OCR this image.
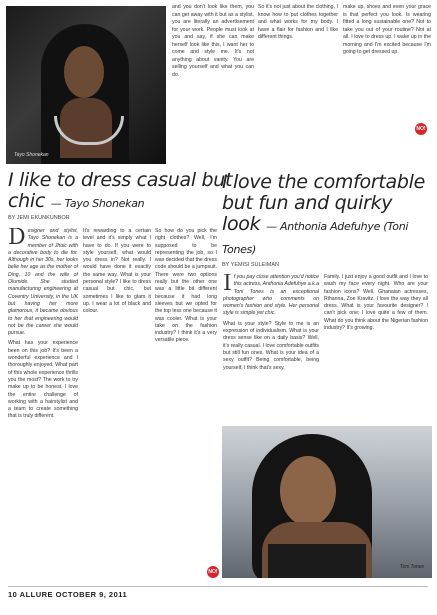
Tayo Shonekan
and you don't look like them, you can get away with it but as a stylist, you are literally an advertisement for your work. People must look at you and say, if she can make herself look like this, I want her to come and style me. It's not anything about vanity. You are selling yourself and what you can do.
So it's not just about the clothing, I know how to put clothes together and what works for my body. I have a flair for fashion and I like different things.
make up, shoes and even your grace is that perfect you look. Is wearing fitted a long sustainable one? Not to take you out of your routine? Not at all. I love to dress up. I wake up in the morning and I'm excited because I'm going to get dressed up.
NO!
I like to dress casual but chic — Tayo Shonekan
BY JEMI EKUNKUNBOR
Designer and stylist, Tayo Shonekan is a member of Jhoic with a decorative body to die for. Although in her 30s, her looks belie her age as the mother of Ding, 10 and the wife of Olumide. She studied manufacturing engineering at Coventry University, in the UK but having her more glamorous, it became obvious to her that engineering would not be the career she would pursue.

What has your experience been on this job? It's been a wonderful experience and I thoroughly enjoyed. What part of this whole experience thrills you the most? The work to try make up to be honest. I love the entire challenge of working with a hairstylist and a team to create something that is truly different.

It's rewarding to a certain level and it's simply what I have to do. If you were to style yourself, what would you dress in? Not really. I would have done it exactly the same way. What is your personal style? I like to dress casual but chic, but sometimes I like to glam it up. I wear a lot of black and colour.

So how do you pick the right clothes? Well, I'm supposed to be representing the job, so I was decided that the dress code should be a jumpsuit. There were two options really but the other one was a little bit different because it had long sleeves but we opted for the top less one because it was cooler. What is your take on the fashion industry? I think it's a very versatile piece.

I love the comfortable but fun and quirky look — Anthonia Adefuhye (Toni Tones)
BY YEMISI SULEIMAN
If you pay close attention you'd notice this actress, Anthonia Adefuhye a.k.a Toni Tones is an exceptional photographer who comments on women's fashion and style. Her personal style is simple yet chic.

What is your style? Style to me is an expression of individualism. What is your dress sense like on a daily basis? Well, it's really casual. I love comfortable outfits but still fun ones. What is your idea of a sexy outfit? Being comfortable, being yourself, I think that's sexy.

Family. I just enjoy a good outfit and I love to wash my face every night. Who are your fashion icons? Well, Ghanaian actresses, Rihanna, Zoe Kravitz. I love the way they all dress. What is your favourite designer? I can't pick one; I love quite a few of them. What do you think about the Nigerian fashion industry? It's growing.

Toni Tones
NO!
10 ALLURE OCTOBER 9, 2011
